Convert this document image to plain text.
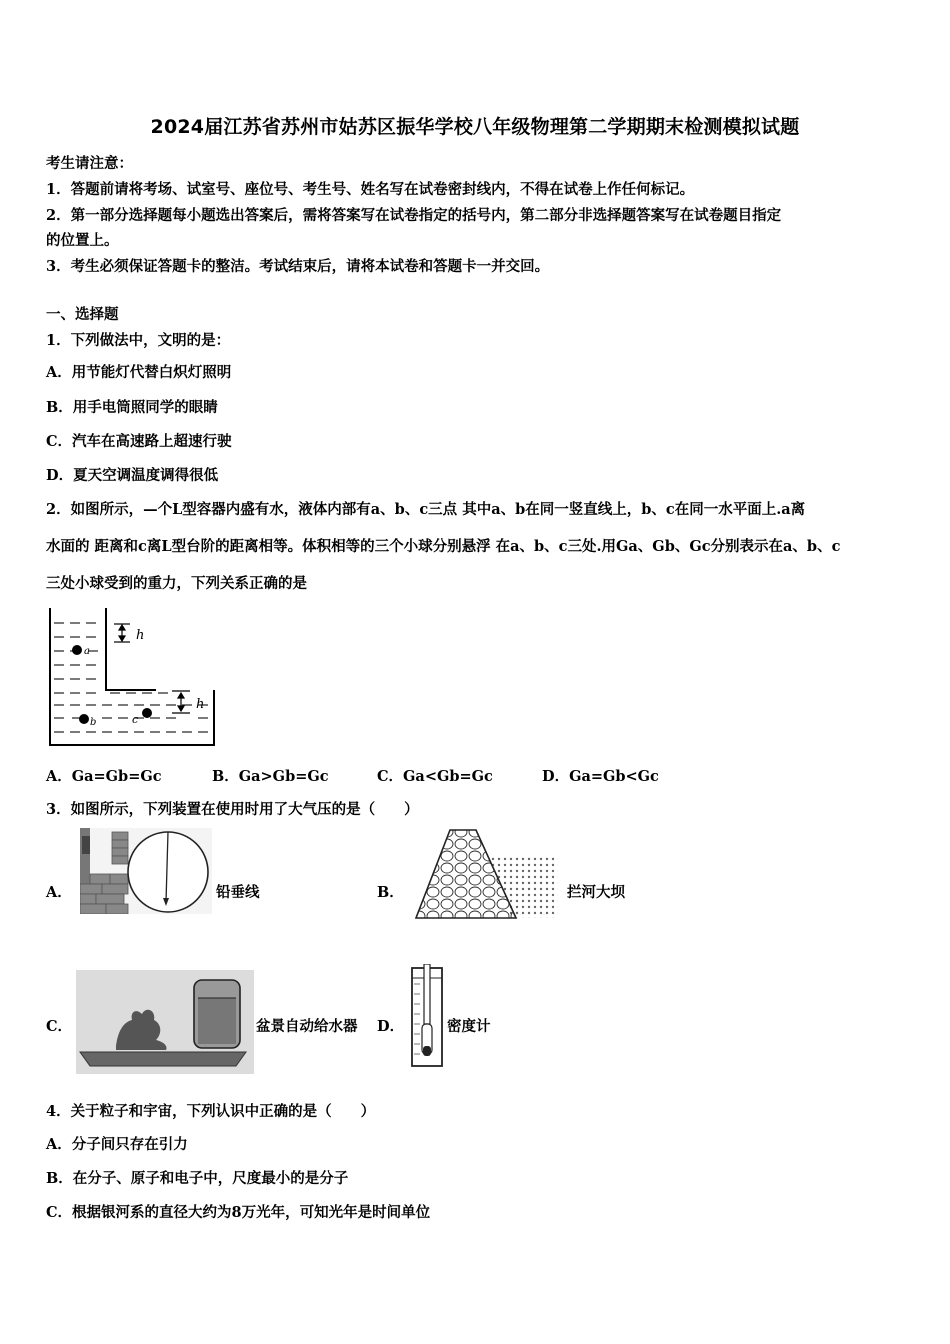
2024届江苏省苏州市姑苏区振华学校八年级物理第二学期期末检测模拟试题
考生请注意：
1．答题前请将考场、试室号、座位号、考生号、姓名写在试卷密封线内，不得在试卷上作任何标记。
2．第一部分选择题每小题选出答案后，需将答案写在试卷指定的括号内，第二部分非选择题答案写在试卷题目指定
的位置上。
3．考生必须保证答题卡的整洁。考试结束后，请将本试卷和答题卡一并交回。
一、选择题
1．下列做法中，文明的是：
A．用节能灯代替白炽灯照明
B．用手电筒照同学的眼睛
C．汽车在高速路上超速行驶
D．夏天空调温度调得很低
2．如图所示，—个L型容器内盛有水，液体内部有a、b、c三点 其中a、b在同一竖直线上，b、c在同一水平面上.a离
水面的 距离和c离L型台阶的距离相等。体积相等的三个小球分别悬浮 在a、b、c三处.用Ga、Gb、Gc分别表示在a、b、c
三处小球受到的重力，下列关系正确的是
h
h
a
b	c
A．Ga=Gb=Gc	B．Ga>Gb=Gc	C．Ga<Gb=Gc	D．Ga=Gb<Gc
3．如图所示，下列装置在使用时用了大气压的是（　　）
A．	铅垂线	B．	拦河大坝
C．	盆景自动给水器 D．	密度计
4．关于粒子和宇宙，下列认识中正确的是（　　）
A．分子间只存在引力
B．在分子、原子和电子中，尺度最小的是分子
C．根据银河系的直径大约为8万光年，可知光年是时间单位
